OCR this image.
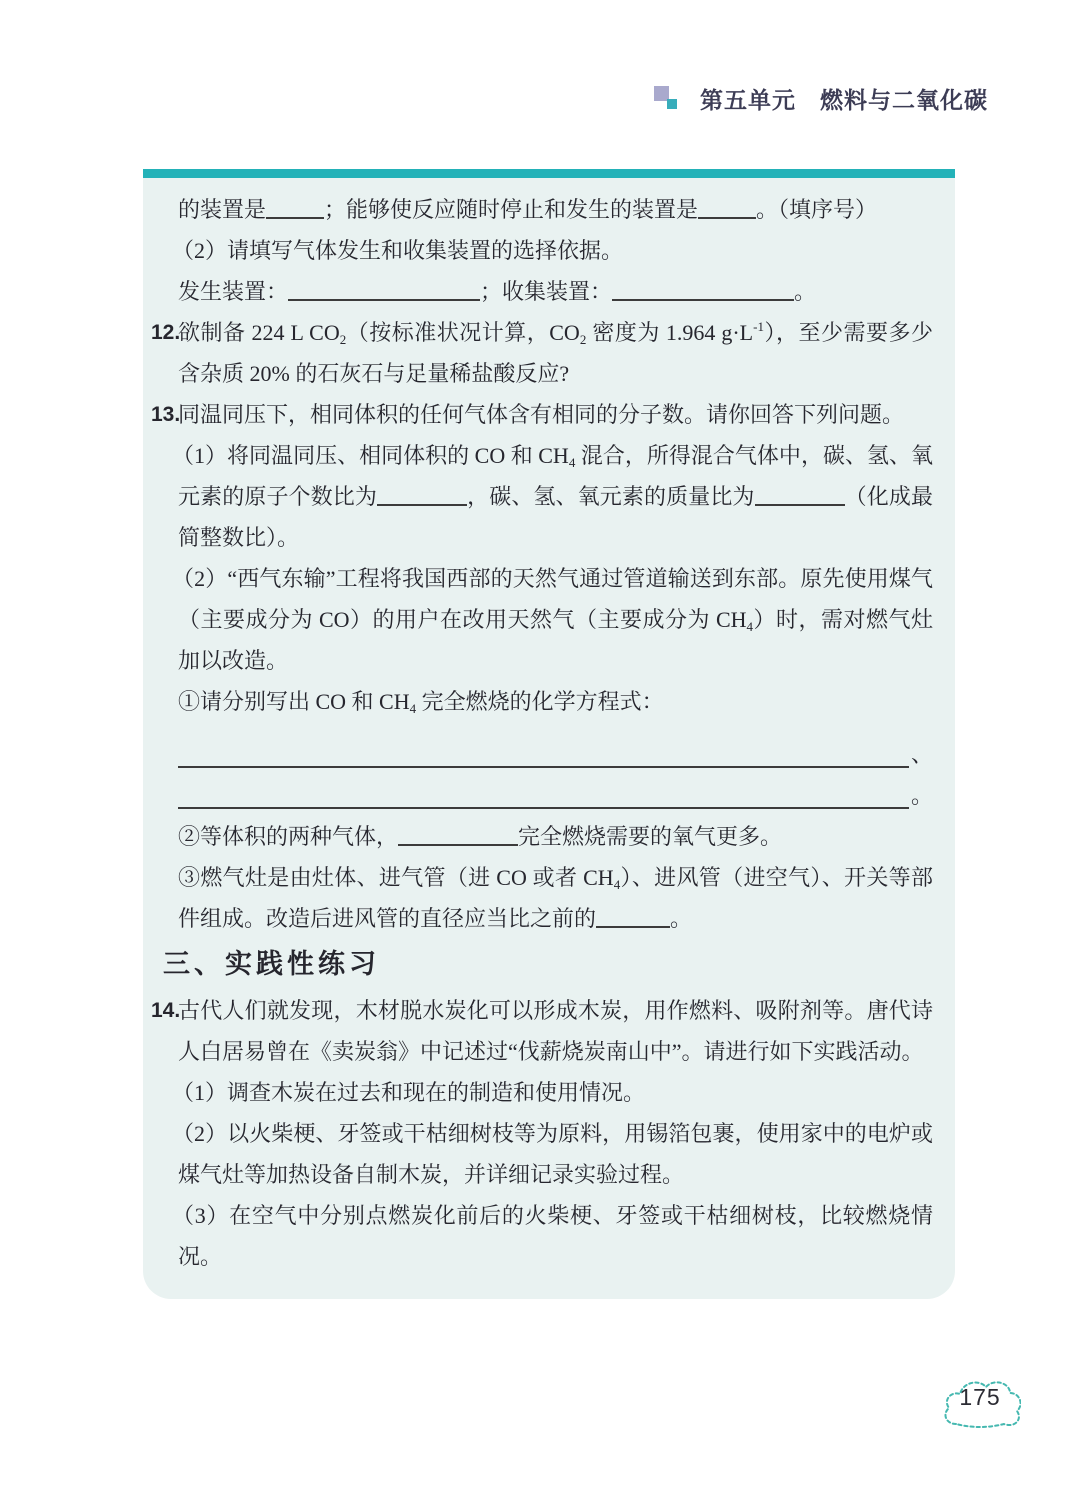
第五单元 燃料与二氧化碳
的装置是	；能够使反应随时停止和发生的装置是	。（填序号）
（2）请填写气体发生和收集装置的选择依据。
发生装置：	；收集装置：	。
12.
欲制备 224 L $CO_2$（按标准状况计算，$CO_2$ 密度为 1.964 $g\cdot L^{-1}$），至少需要多少含杂质 20% 的石灰石与足量稀盐酸反应?
13.
同温同压下，相同体积的任何气体含有相同的分子数。请你回答下列问题。
（1）将同温同压、相同体积的 CO 和 $CH_4$ 混合，所得混合气体中，碳、氢、氧元素的原子个数比为	，碳、氢、氧元素的质量比为	（化成最简整数比）。
（2）“西气东输”工程将我国西部的天然气通过管道输送到东部。原先使用煤气（主要成分为 CO）的用户在改用天然气（主要成分为 $CH_4$）时，需对燃气灶加以改造。
①请分别写出 CO 和 $CH_4$ 完全燃烧的化学方程式：
、
。
②等体积的两种气体，	完全燃烧需要的氧气更多。
③燃气灶是由灶体、进气管（进 CO 或者 $CH_4$）、进风管（进空气）、开关等部件组成。改造后进风管的直径应当比之前的	。
三、实践性练习
14.
古代人们就发现，木材脱水炭化可以形成木炭，用作燃料、吸附剂等。唐代诗人白居易曾在《卖炭翁》中记述过“伐薪烧炭南山中”。请进行如下实践活动。
（1）调查木炭在过去和现在的制造和使用情况。
（2）以火柴梗、牙签或干枯细树枝等为原料，用锡箔包裹，使用家中的电炉或煤气灶等加热设备自制木炭，并详细记录实验过程。
（3）在空气中分别点燃炭化前后的火柴梗、牙签或干枯细树枝，比较燃烧情况。
175
